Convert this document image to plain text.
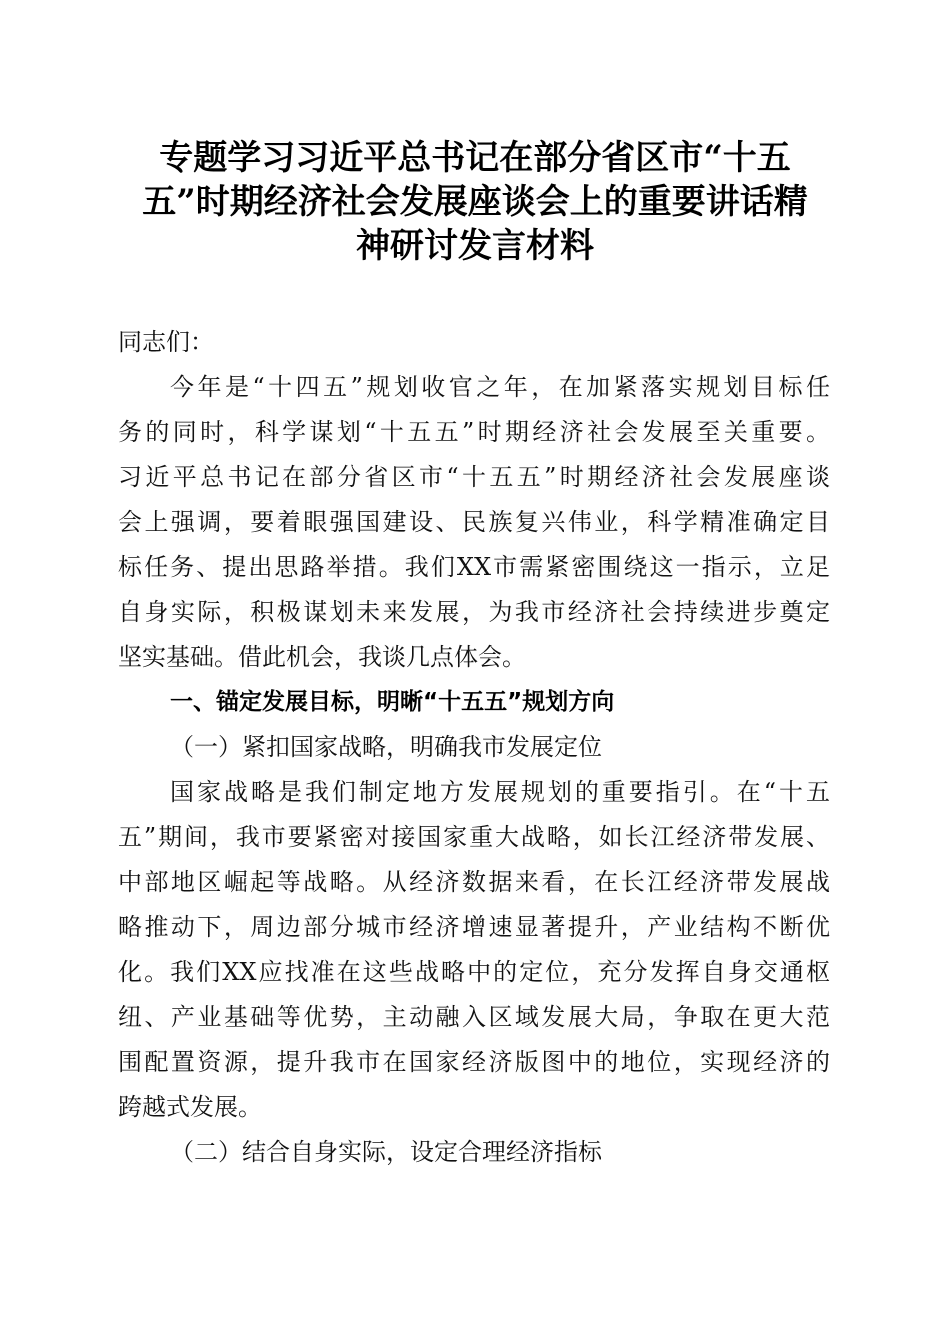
专题学习习近平总书记在部分省区市“十五
五”时期经济社会发展座谈会上的重要讲话精
神研讨发言材料
同志们：
今年是“十四五”规划收官之年，在加紧落实规划目标任
务的同时，科学谋划“十五五”时期经济社会发展至关重要。
习近平总书记在部分省区市“十五五”时期经济社会发展座谈
会上强调，要着眼强国建设、民族复兴伟业，科学精准确定目
标任务、提出思路举措。我们XX市需紧密围绕这一指示，立足
自身实际，积极谋划未来发展，为我市经济社会持续进步奠定
坚实基础。借此机会，我谈几点体会。
一、锚定发展目标，明晰“十五五”规划方向
（一）紧扣国家战略，明确我市发展定位
国家战略是我们制定地方发展规划的重要指引。在“十五
五”期间，我市要紧密对接国家重大战略，如长江经济带发展、
中部地区崛起等战略。从经济数据来看，在长江经济带发展战
略推动下，周边部分城市经济增速显著提升，产业结构不断优
化。我们XX应找准在这些战略中的定位，充分发挥自身交通枢
纽、产业基础等优势，主动融入区域发展大局，争取在更大范
围配置资源，提升我市在国家经济版图中的地位，实现经济的
跨越式发展。
（二）结合自身实际，设定合理经济指标
